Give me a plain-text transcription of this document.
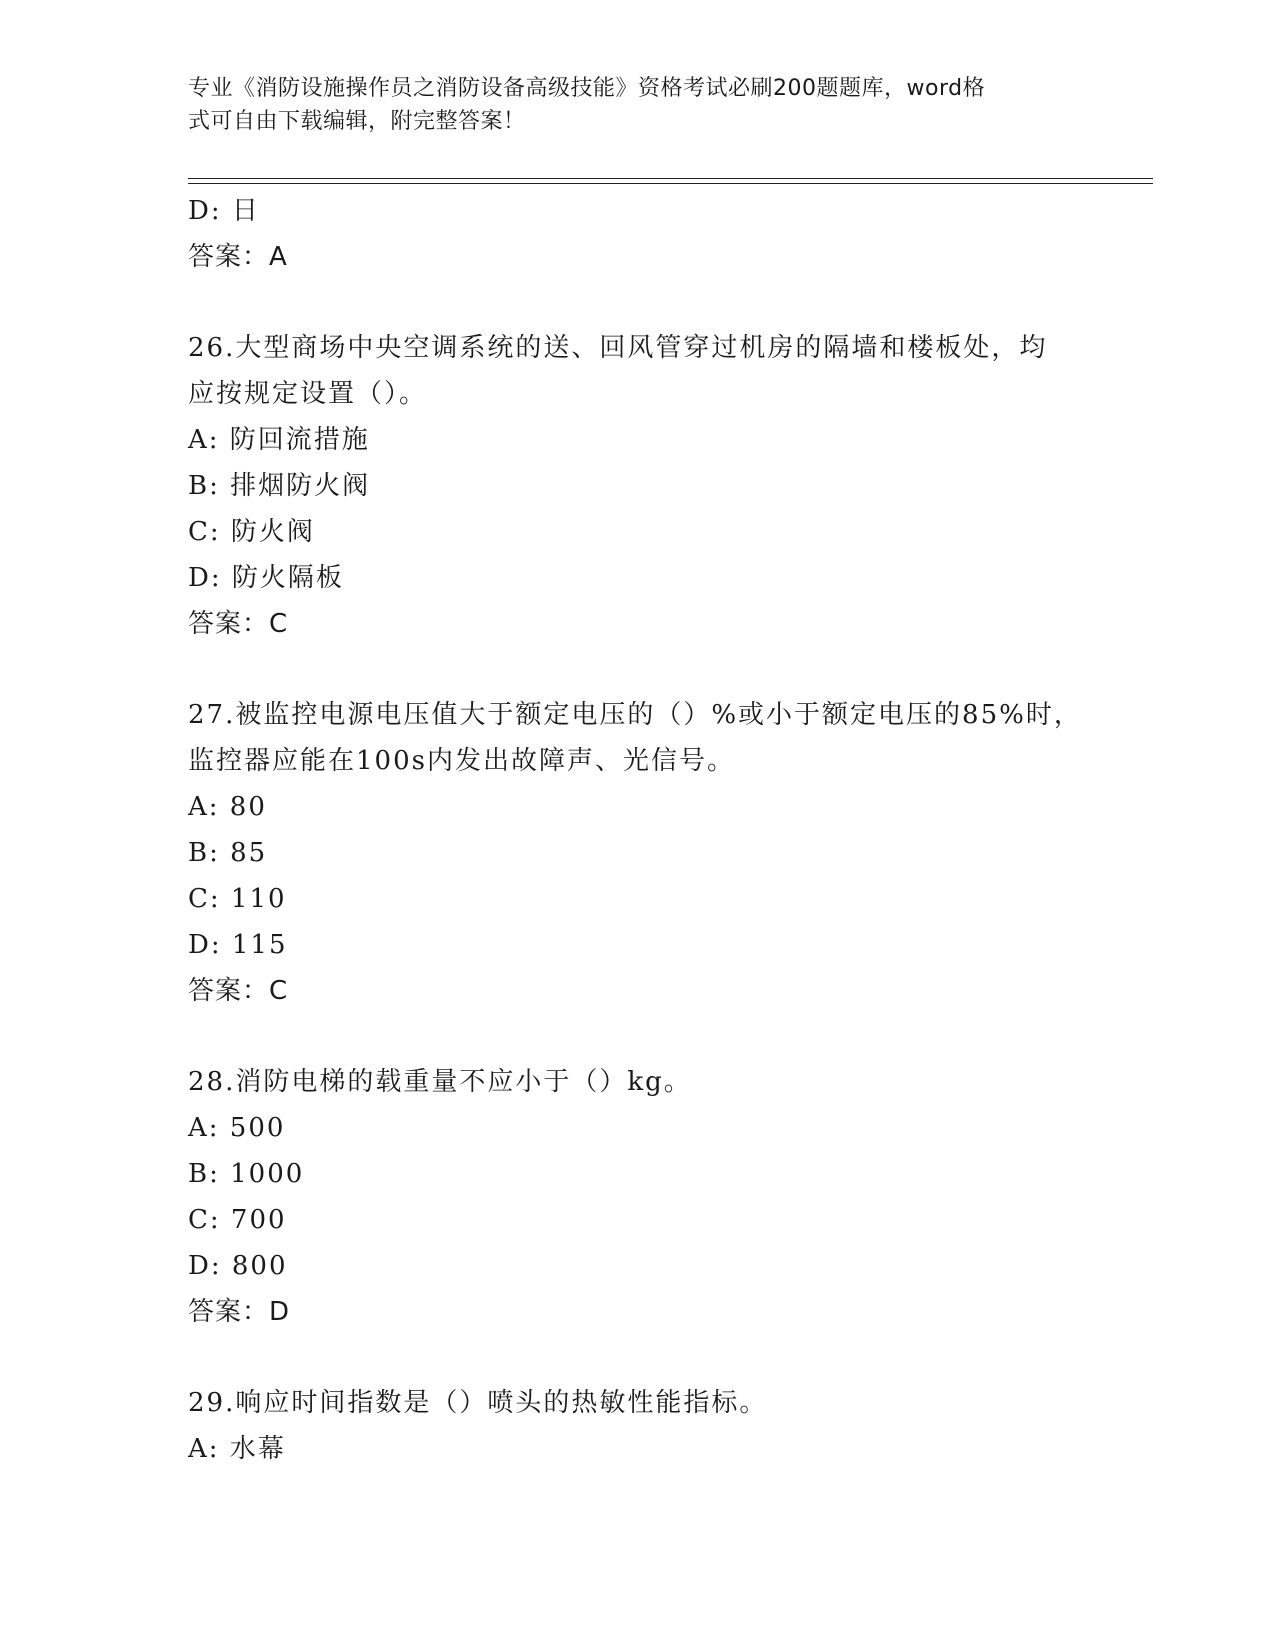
专业《消防设施操作员之消防设备高级技能》资格考试必刷200题题库，word格
式可自由下载编辑，附完整答案！
D: 日
答案：A
26.大型商场中央空调系统的送、回风管穿过机房的隔墙和楼板处，均
应按规定设置（）。
A: 防回流措施
B: 排烟防火阀
C: 防火阀
D: 防火隔板
答案：C
27.被监控电源电压值大于额定电压的（）%或小于额定电压的85%时，
监控器应能在100s内发出故障声、光信号。
A: 80
B: 85
C: 110
D: 115
答案：C
28.消防电梯的载重量不应小于（）kg。
A: 500
B: 1000
C: 700
D: 800
答案：D
29.响应时间指数是（）喷头的热敏性能指标。
A: 水幕
